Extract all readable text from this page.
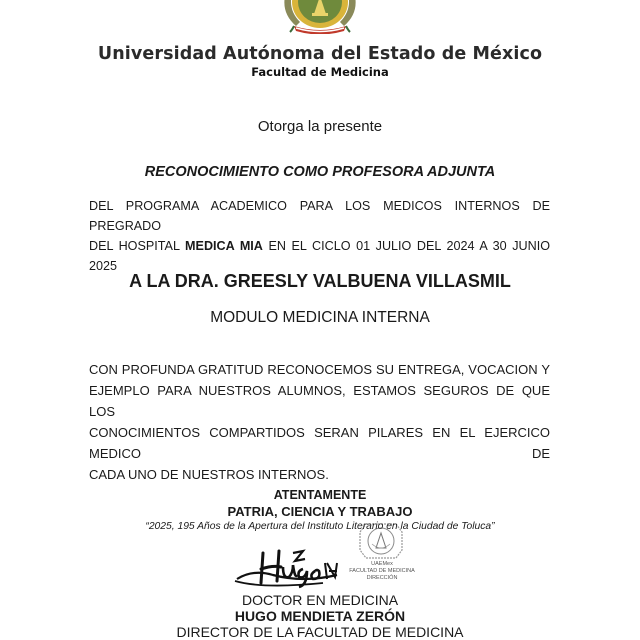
Universidad Autónoma del Estado de México
Facultad de Medicina
Otorga la presente
RECONOCIMIENTO COMO PROFESORA ADJUNTA
DEL PROGRAMA ACADEMICO PARA LOS MEDICOS INTERNOS DE PREGRADO
DEL HOSPITAL MEDICA MIA EN EL CICLO 01 JULIO DEL 2024 A 30 JUNIO 2025
A LA DRA. GREESLY VALBUENA VILLASMIL
MODULO MEDICINA INTERNA
CON PROFUNDA GRATITUD RECONOCEMOS SU ENTREGA, VOCACION Y
EJEMPLO PARA NUESTROS ALUMNOS, ESTAMOS SEGUROS DE QUE LOS
CONOCIMIENTOS COMPARTIDOS SERAN PILARES EN EL EJERCICO MEDICO DE
CADA UNO DE NUESTROS INTERNOS.
ATENTAMENTE
PATRIA, CIENCIA Y TRABAJO
“2025, 195 Años de la Apertura del Instituto Literario en la Ciudad de Toluca”
UAEMex
FACULTAD DE MEDICINA
DIRECCIÓN
DOCTOR EN MEDICINA
HUGO MENDIETA ZERÓN
DIRECTOR DE LA FACULTAD DE MEDICINA
